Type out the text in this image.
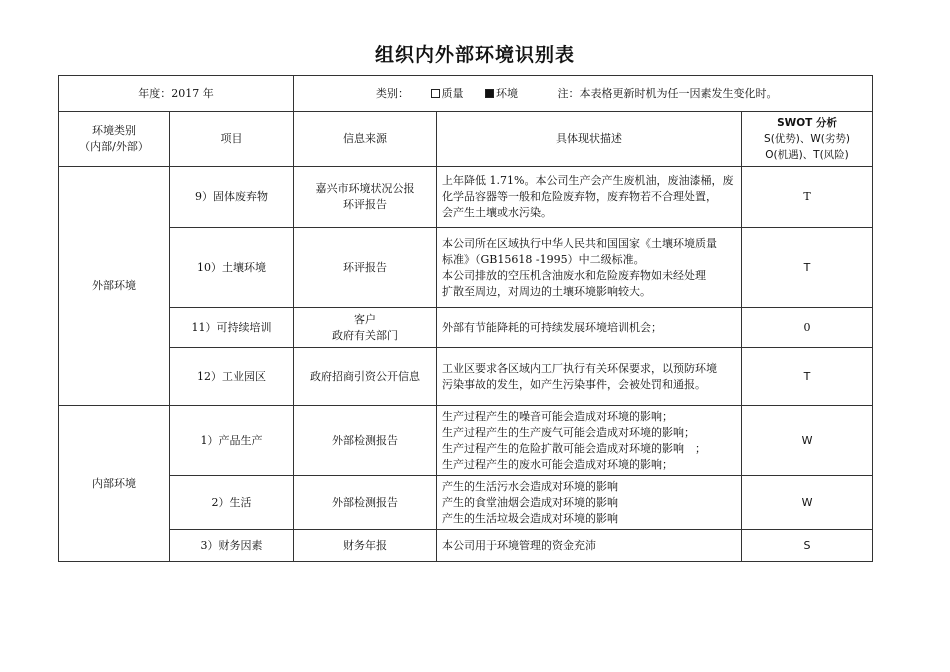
组织内外部环境识别表
年度：2017 年		类别： 质量 环境 注：本表格更新时机为任一因素发生变化时。		

环境类别
（内部/外部）	项目	信息来源	具体现状描述	SWOT 分析
S(优势)、W(劣势)
O(机遇)、T(风险)

外部环境	9）固体废弃物	嘉兴市环境状况公报
环评报告	上年降低 1.71%。本公司生产会产生废机油，废油漆桶，废
化学品容器等一般和危险废弃物，废弃物若不合理处置，
会产生土壤或水污染。	T
	10）土壤环境	环评报告	本公司所在区域执行中华人民共和国国家《土壤环境质量
标准》（GB15618 -1995）中二级标准。
本公司排放的空压机含油废水和危险废弃物如未经处理
扩散至周边，对周边的土壤环境影响较大。	T
	11）可持续培训	客户
政府有关部门	外部有节能降耗的可持续发展环境培训机会；	0
	12）工业园区	政府招商引资公开信息	工业区要求各区域内工厂执行有关环保要求，以预防环境
污染事故的发生，如产生污染事件，会被处罚和通报。	T
内部环境	1）产品生产	外部检测报告	生产过程产生的噪音可能会造成对环境的影响；
生产过程产生的生产废气可能会造成对环境的影响；
生产过程产生的危险扩散可能会造成对环境的影响　；
生产过程产生的废水可能会造成对环境的影响；	W
	2）生活	外部检测报告	产生的生活污水会造成对环境的影响
产生的食堂油烟会造成对环境的影响
产生的生活垃圾会造成对环境的影响	W
	3）财务因素	财务年报	本公司用于环境管理的资金充沛	S
